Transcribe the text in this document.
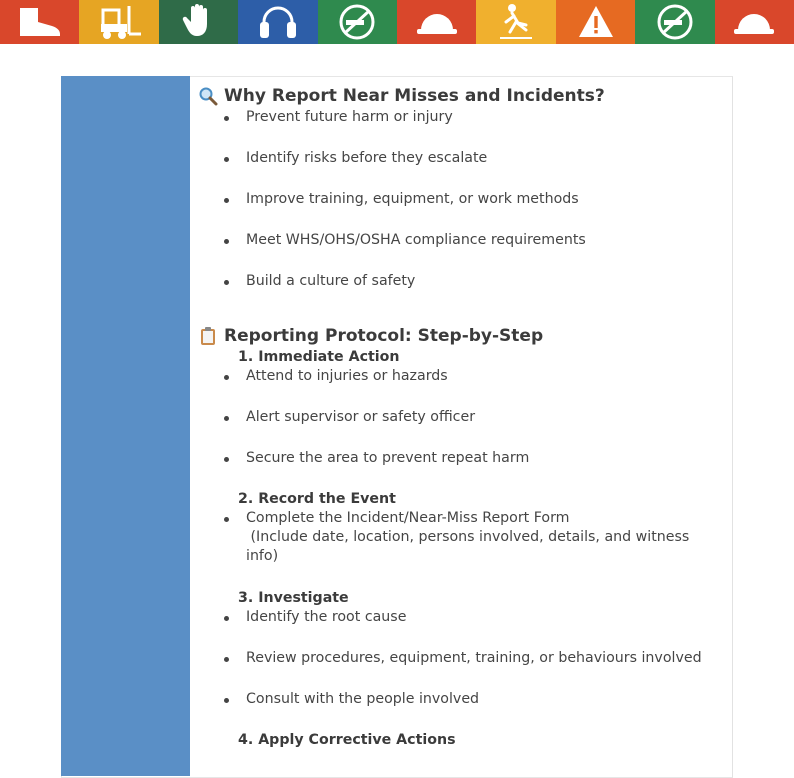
Why Report Near Misses and Incidents?
Prevent future harm or injury
Identify risks before they escalate
Improve training, equipment, or work methods
Meet WHS/OHS/OSHA compliance requirements
Build a culture of safety
Reporting Protocol: Step-by-Step
1. Immediate Action
Attend to injuries or hazards
Alert supervisor or safety officer
Secure the area to prevent repeat harm
2. Record the Event
Complete the Incident/Near-Miss Report Form
(Include date, location, persons involved, details, and witness
info)
3. Investigate
Identify the root cause
Review procedures, equipment, training, or behaviours involved
Consult with the people involved
4. Apply Corrective Actions
